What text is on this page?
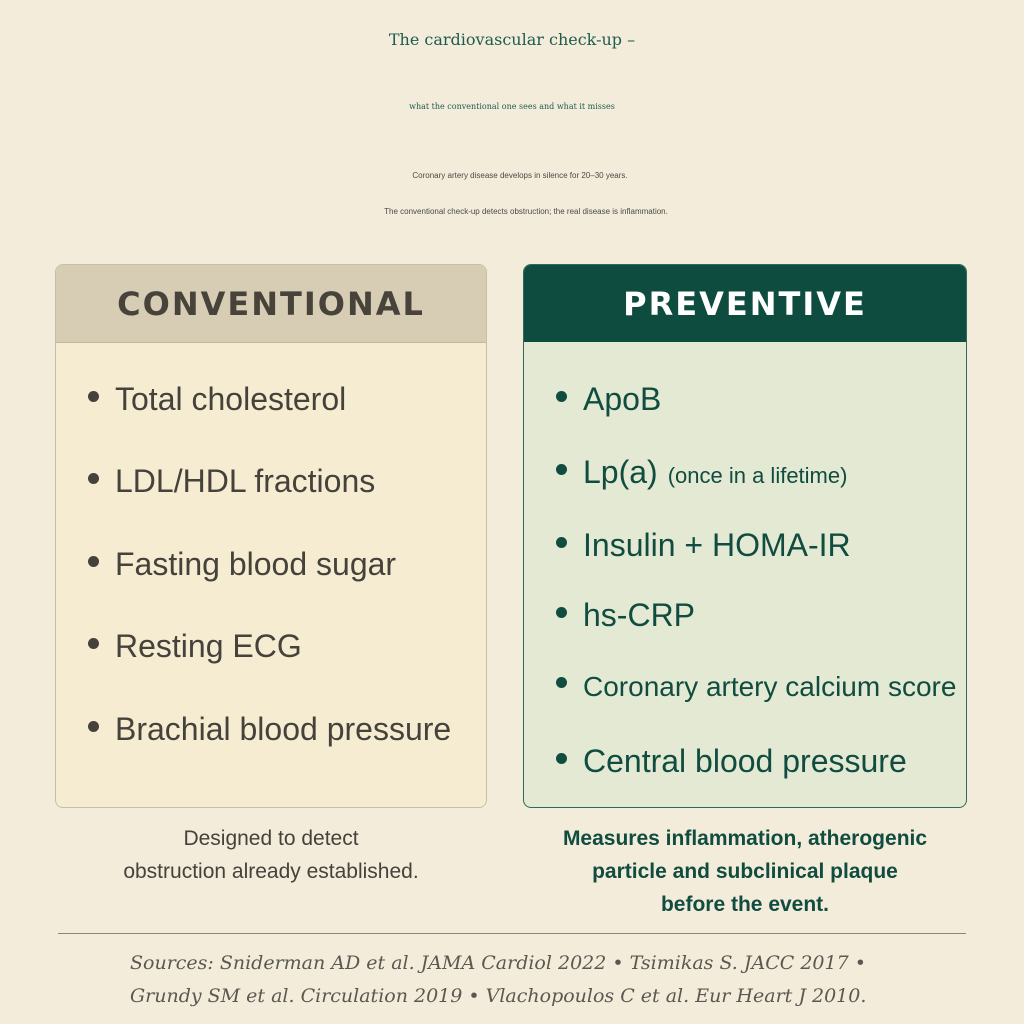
The cardiovascular check-up –
what the conventional one sees and what it misses
Coronary artery disease develops in silence for 20–30 years.
The conventional check-up detects obstruction; the real disease is inflammation.
CONVENTIONAL
Total cholesterol
LDL/HDL fractions
Fasting blood sugar
Resting ECG
Brachial blood pressure
PREVENTIVE
ApoB
Lp(a) (once in a lifetime)
Insulin + HOMA-IR
hs-CRP
Coronary artery calcium score
Central blood pressure
Designed to detect
obstruction already established.
Measures inflammation, atherogenic
particle and subclinical plaque
before the event.
Sources: Sniderman AD et al. JAMA Cardiol 2022 • Tsimikas S. JACC 2017 •
Grundy SM et al. Circulation 2019 • Vlachopoulos C et al. Eur Heart J 2010.
